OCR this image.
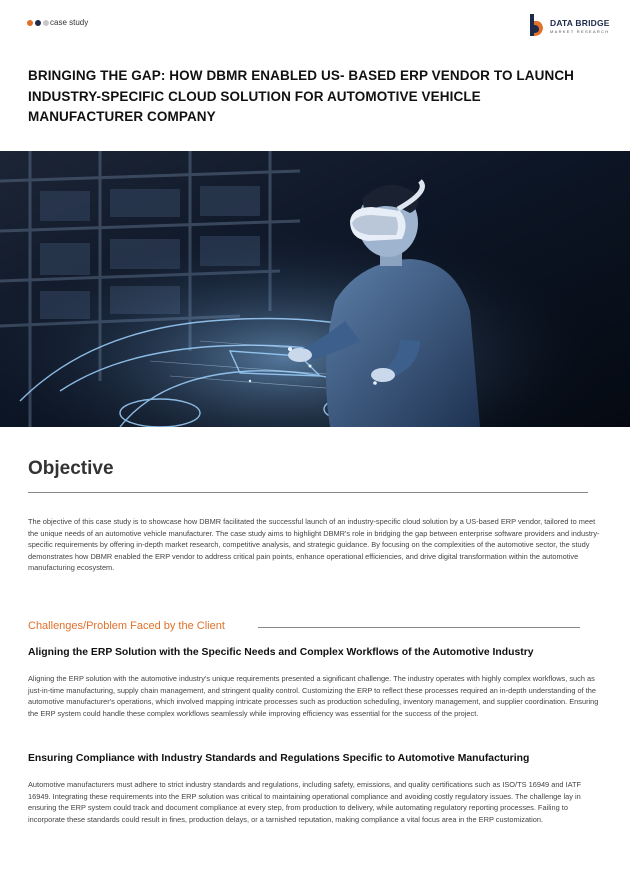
case study	DATA BRIDGE
MARKET RESEARCH
BRINGING THE GAP: HOW DBMR ENABLED US- BASED ERP VENDOR TO LAUNCH INDUSTRY-SPECIFIC CLOUD SOLUTION FOR AUTOMOTIVE VEHICLE MANUFACTURER COMPANY
Objective
The objective of this case study is to showcase how DBMR facilitated the successful launch of an industry-specific cloud solution by a US-based ERP vendor, tailored to meet the unique needs of an automotive vehicle manufacturer. The case study aims to highlight DBMR's role in bridging the gap between enterprise software providers and industry-specific requirements by offering in-depth market research, competitive analysis, and strategic guidance. By focusing on the complexities of the automotive sector, the study demonstrates how DBMR enabled the ERP vendor to address critical pain points, enhance operational efficiencies, and drive digital transformation within the automotive manufacturing ecosystem.
Challenges/Problem Faced by the Client
Aligning the ERP Solution with the Specific Needs and Complex Workflows of the Automotive Industry
Aligning the ERP solution with the automotive industry's unique requirements presented a significant challenge. The industry operates with highly complex workflows, such as just-in-time manufacturing, supply chain management, and stringent quality control. Customizing the ERP to reflect these processes required an in-depth understanding of the automotive manufacturer's operations, which involved mapping intricate processes such as production scheduling, inventory management, and supplier coordination. Ensuring the ERP system could handle these complex workflows seamlessly while improving efficiency was essential for the success of the project.
Ensuring Compliance with Industry Standards and Regulations Specific to Automotive Manufacturing
Automotive manufacturers must adhere to strict industry standards and regulations, including safety, emissions, and quality certifications such as ISO/TS 16949 and IATF 16949. Integrating these requirements into the ERP solution was critical to maintaining operational compliance and avoiding costly regulatory issues. The challenge lay in ensuring the ERP system could track and document compliance at every step, from production to delivery, while automating regulatory reporting processes. Failing to incorporate these standards could result in fines, production delays, or a tarnished reputation, making compliance a vital focus area in the ERP customization.
